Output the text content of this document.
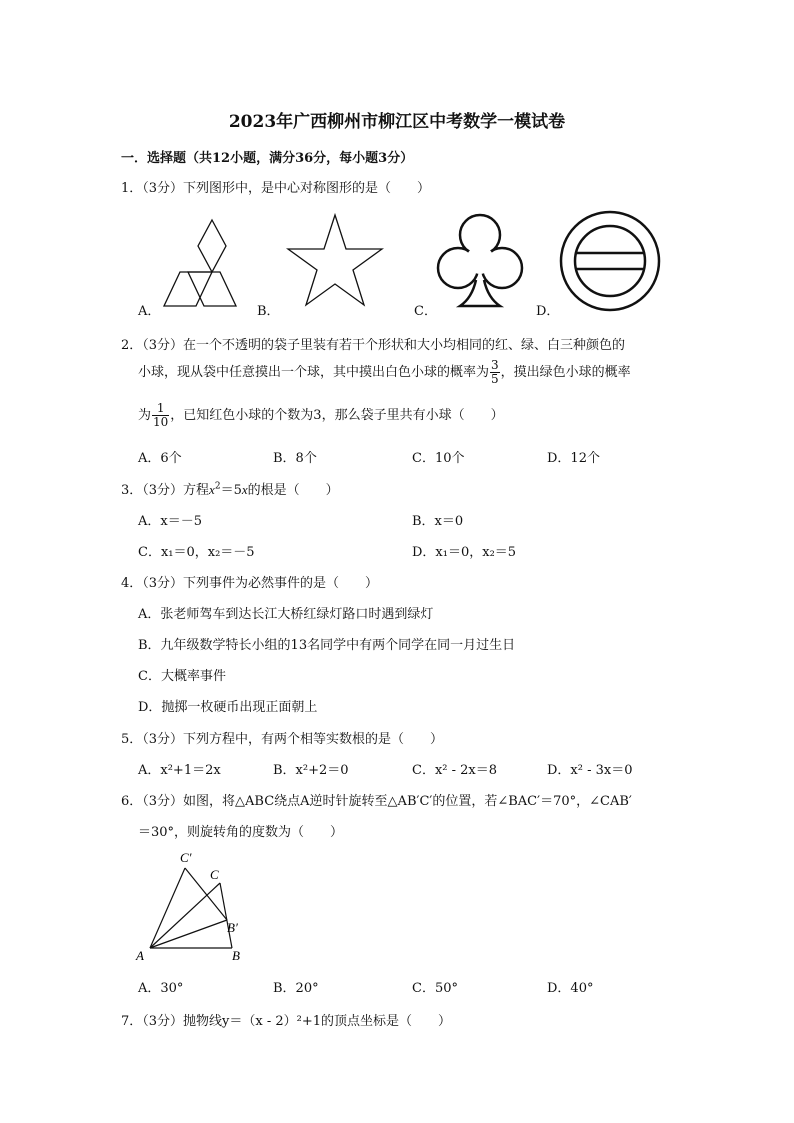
2023年广西柳州市柳江区中考数学一模试卷
一．选择题（共12小题，满分36分，每小题3分）
1．（3分）下列图形中，是中心对称图形的是（　　）
A．	B．	C．	D．
2．（3分）在一个不透明的袋子里装有若干个形状和大小均相同的红、绿、白三种颜色的
小球，现从袋中任意摸出一个球，其中摸出白色小球的概率为 $\frac{3}{5}$ ，摸出绿色小球的概率
为 $\frac{1}{10}$ ，已知红色小球的个数为3，那么袋子里共有小球（　　）
A．6个	B．8个	C．10个	D．12个
3．（3分）方程$x^2=5x$的根是（　　）
A．x＝－5	B．x＝0
C．x₁＝0，x₂＝－5	D．x₁＝0，x₂＝5
4．（3分）下列事件为必然事件的是（　　）
A．张老师驾车到达长江大桥红绿灯路口时遇到绿灯
B．九年级数学特长小组的13名同学中有两个同学在同一月过生日
C．大概率事件
D．抛掷一枚硬币出现正面朝上
5．（3分）下列方程中，有两个相等实数根的是（　　）
A．x²+1＝2x	B．x²+2＝0	C．x² - 2x＝8	D．x² - 3x＝0
6．（3分）如图，将△ABC绕点A逆时针旋转至△AB′C′的位置，若∠BAC′＝70°，∠CAB′
＝30°，则旋转角的度数为（　　）
C′
C
B′
A	B
A．30°	B．20°	C．50°	D．40°
7．（3分）抛物线y＝（x - 2）²+1的顶点坐标是（　　）
